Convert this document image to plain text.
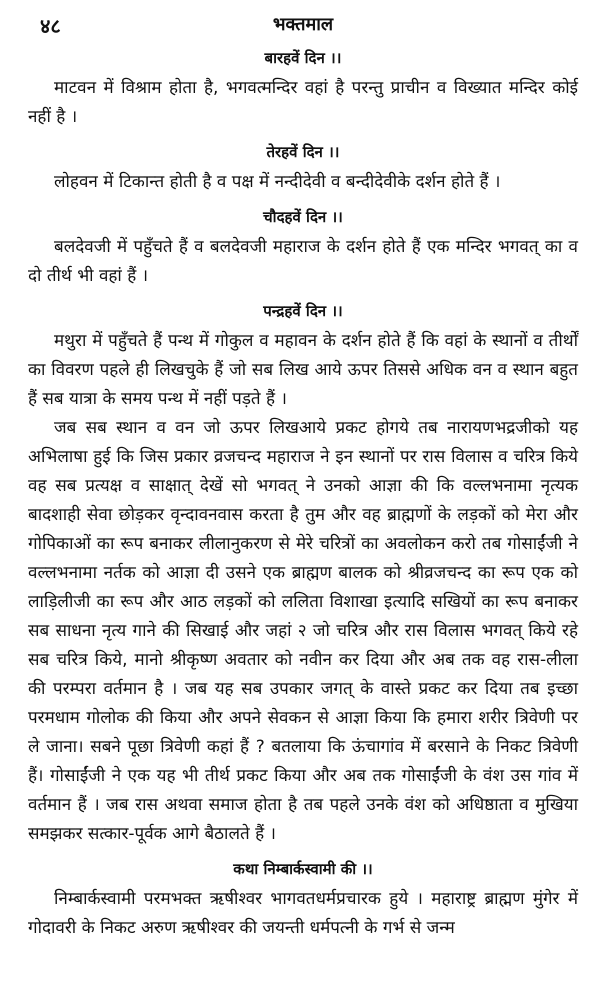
४८	भक्तमाल
बारहवें दिन ।।

माटवन में विश्राम होता है, भगवत्मन्दिर वहां है परन्तु प्राचीन व विख्यात मन्दिर कोई नहीं है ।

तेरहवें दिन ।।

लोहवन में टिकान्त होती है व पक्ष में नन्दीदेवी व बन्दीदेवीके दर्शन होते हैं ।

चौदहवें दिन ।।

बलदेवजी में पहुँचते हैं व बलदेवजी महाराज के दर्शन होते हैं एक मन्दिर भगवत् का व दो तीर्थ भी वहां हैं ।

पन्द्रहवें दिन ।।

मथुरा में पहुँचते हैं पन्थ में गोकुल व महावन के दर्शन होते हैं कि वहां के स्थानों व तीर्थों का विवरण पहले ही लिखचुके हैं जो सब लिख आये ऊपर तिससे अधिक वन व स्थान बहुत हैं सब यात्रा के समय पन्थ में नहीं पड़ते हैं ।

जब सब स्थान व वन जो ऊपर लिखआये प्रकट होगये तब नारायणभद्रजीको यह अभिलाषा हुई कि जिस प्रकार व्रजचन्द महाराज ने इन स्थानों पर रास विलास व चरित्र किये वह सब प्रत्यक्ष व साक्षात् देखें सो भगवत् ने उनको आज्ञा की कि वल्लभनामा नृत्यक बादशाही सेवा छोड़कर वृन्दावनवास करता है तुम और वह ब्राह्मणों के लड़कों को मेरा और गोपिकाओं का रूप बनाकर लीलानुकरण से मेरे चरित्रों का अवलोकन करो तब गोसाईंजी ने वल्लभनामा नर्तक को आज्ञा दी उसने एक ब्राह्मण बालक को श्रीव्रजचन्द का रूप एक को लाड़िलीजी का रूप और आठ लड़कों को ललिता विशाखा इत्यादि सखियों का रूप बनाकर सब साधना नृत्य गाने की सिखाई और जहां २ जो चरित्र और रास विलास भगवत् किये रहे सब चरित्र किये, मानो श्रीकृष्ण अवतार को नवीन कर दिया और अब तक वह रास-लीला की परम्परा वर्तमान है । जब यह सब उपकार जगत् के वास्ते प्रकट कर दिया तब इच्छा परमधाम गोलोक की किया और अपने सेवकन से आज्ञा किया कि हमारा शरीर त्रिवेणी पर ले जाना। सबने पूछा त्रिवेणी कहां हैं ? बतलाया कि ऊंचागांव में बरसाने के निकट त्रिवेणी हैं। गोसाईंजी ने एक यह भी तीर्थ प्रकट किया और अब तक गोसाईंजी के वंश उस गांव में वर्तमान हैं । जब रास अथवा समाज होता है तब पहले उनके वंश को अधिष्ठाता व मुखिया समझकर सत्कार-पूर्वक आगे बैठालते हैं ।

कथा निम्बार्कस्वामी की ।।

निम्बार्कस्वामी परमभक्त ऋषीश्वर भागवतधर्मप्रचारक हुये । महाराष्ट्र ब्राह्मण मुंगेर में गोदावरी के निकट अरुण ऋषीश्वर की जयन्ती धर्मपत्नी के गर्भ से जन्म
